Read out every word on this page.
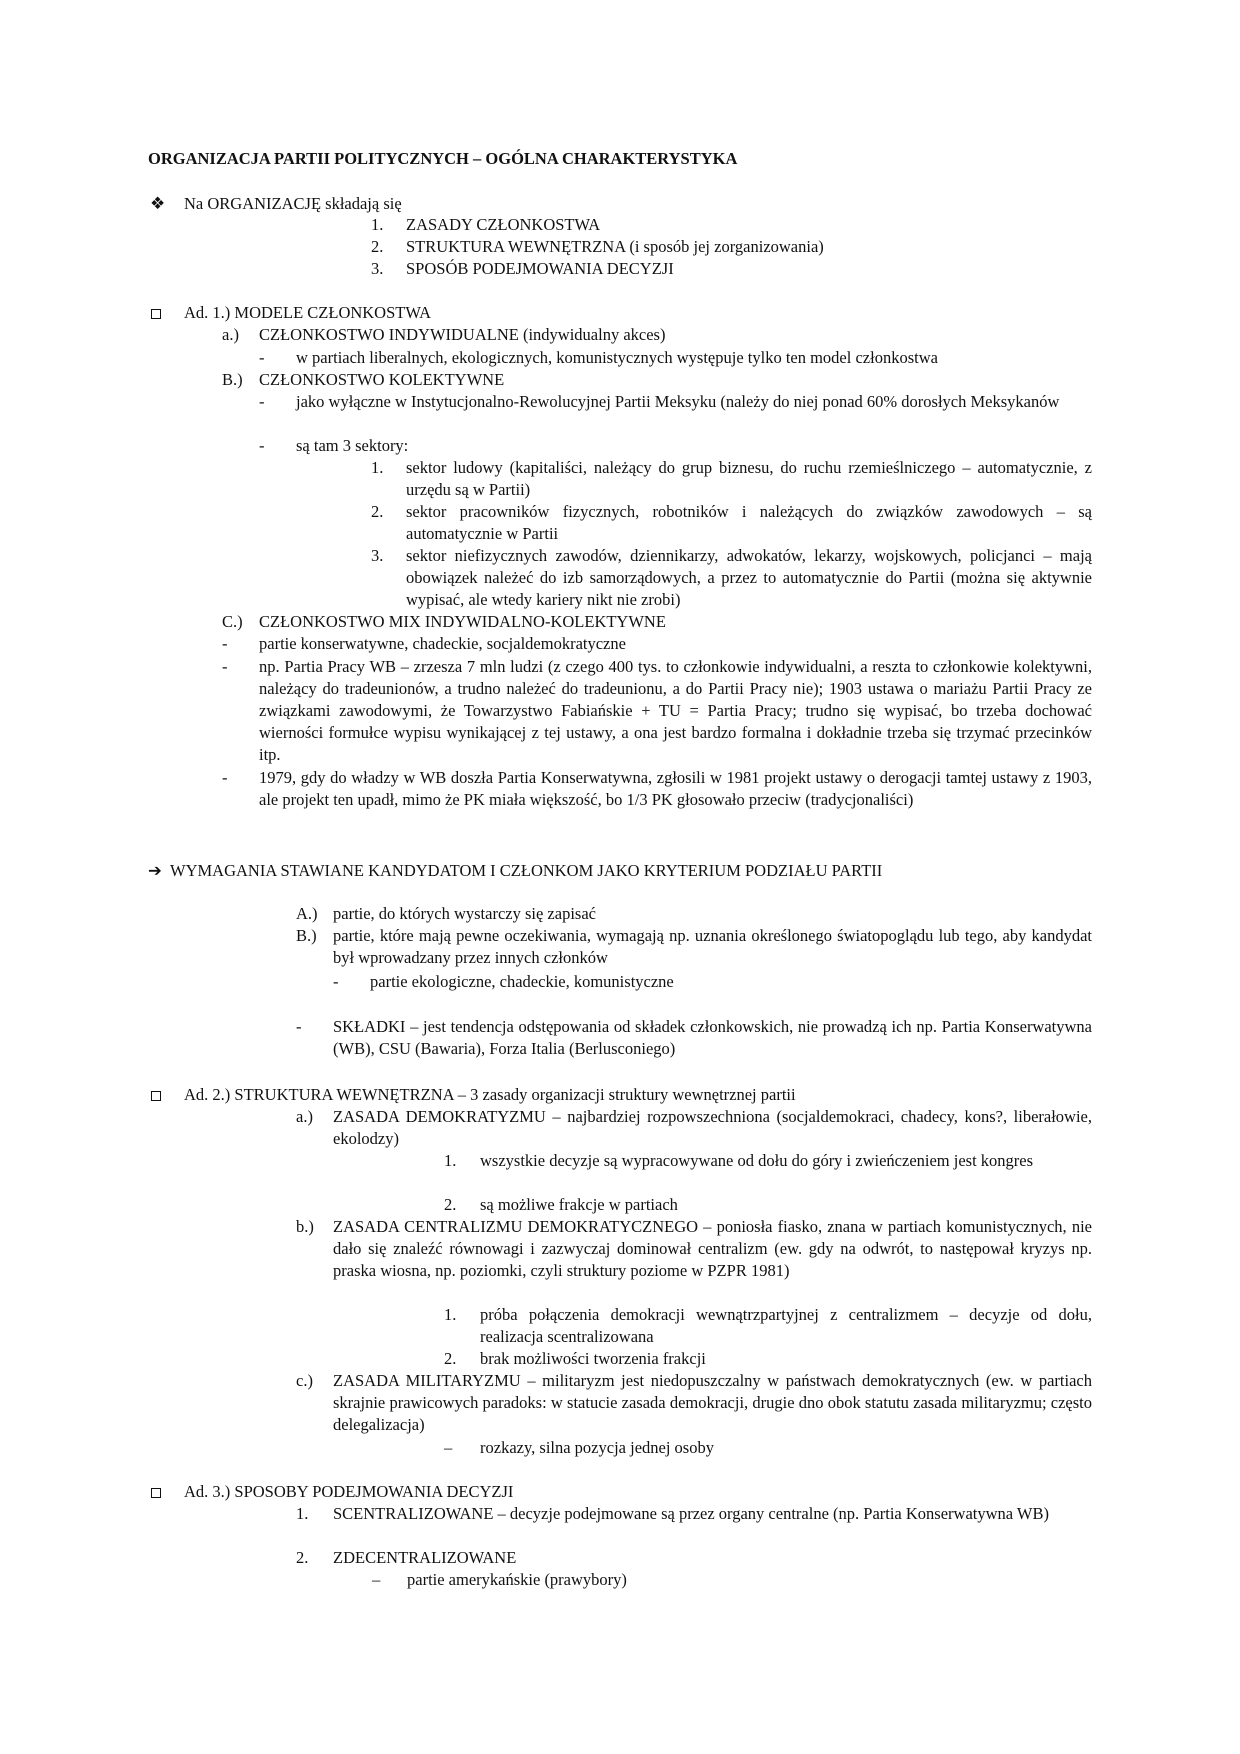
ORGANIZACJA PARTII POLITYCZNYCH – OGÓLNA CHARAKTERYSTYKA
❖ Na ORGANIZACJĘ składają się
1. ZASADY CZŁONKOSTWA
2. STRUKTURA WEWNĘTRZNA (i sposób jej zorganizowania)
3. SPOSÓB PODEJMOWANIA DECYZJI
Ad. 1.) MODELE CZŁONKOSTWA
a.) CZŁONKOSTWO INDYWIDUALNE (indywidualny akces)
- w partiach liberalnych, ekologicznych, komunistycznych występuje tylko ten model członkostwa
B.) CZŁONKOSTWO KOLEKTYWNE
- jako wyłączne w Instytucjonalno-Rewolucyjnej Partii Meksyku (należy do niej ponad 60% dorosłych Meksykanów
- są tam 3 sektory:
1. sektor ludowy (kapitaliści, należący do grup biznesu, do ruchu rzemieślniczego – automatycznie, z urzędu są w Partii)
2. sektor pracowników fizycznych, robotników i należących do związków zawodowych – są automatycznie w Partii
3. sektor niefizycznych zawodów, dziennikarzy, adwokatów, lekarzy, wojskowych, policjanci – mają obowiązek należeć do izb samorządowych, a przez to automatycznie do Partii (można się aktywnie wypisać, ale wtedy kariery nikt nie zrobi)
C.) CZŁONKOSTWO MIX INDYWIDALNO-KOLEKTYWNE
- partie konserwatywne, chadeckie, socjaldemokratyczne
- np. Partia Pracy WB – zrzesza 7 mln ludzi (z czego 400 tys. to członkowie indywidualni, a reszta to członkowie kolektywni, należący do tradeunionów, a trudno należeć do tradeunionu, a do Partii Pracy nie); 1903 ustawa o mariażu Partii Pracy ze związkami zawodowymi, że Towarzystwo Fabiańskie + TU = Partia Pracy; trudno się wypisać, bo trzeba dochować wierności formułce wypisu wynikającej z tej ustawy, a ona jest bardzo formalna i dokładnie trzeba się trzymać przecinków itp.
- 1979, gdy do władzy w WB doszła Partia Konserwatywna, zgłosili w 1981 projekt ustawy o derogacji tamtej ustawy z 1903, ale projekt ten upadł, mimo że PK miała większość, bo 1/3 PK głosowało przeciw (tradycjonaliści)
➔ WYMAGANIA STAWIANE KANDYDATOM I CZŁONKOM JAKO KRYTERIUM PODZIAŁU PARTII
A.) partie, do których wystarczy się zapisać
B.) partie, które mają pewne oczekiwania, wymagają np. uznania określonego światopoglądu lub tego, aby kandydat był wprowadzany przez innych członków
- partie ekologiczne, chadeckie, komunistyczne
- SKŁADKI – jest tendencja odstępowania od składek członkowskich, nie prowadzą ich np. Partia Konserwatywna (WB), CSU (Bawaria), Forza Italia (Berlusconiego)
Ad. 2.) STRUKTURA WEWNĘTRZNA – 3 zasady organizacji struktury wewnętrznej partii
a.) ZASADA DEMOKRATYZMU – najbardziej rozpowszechniona (socjaldemokraci, chadecy, kons?, liberałowie, ekolodzy)
1. wszystkie decyzje są wypracowywane od dołu do góry i zwieńczeniem jest kongres
2. są możliwe frakcje w partiach
b.) ZASADA CENTRALIZMU DEMOKRATYCZNEGO – poniosła fiasko, znana w partiach komunistycznych, nie dało się znaleźć równowagi i zazwyczaj dominował centralizm (ew. gdy na odwrót, to następował kryzys np. praska wiosna, np. poziomki, czyli struktury poziome w PZPR 1981)
1. próba połączenia demokracji wewnątrzpartyjnej z centralizmem – decyzje od dołu, realizacja scentralizowana
2. brak możliwości tworzenia frakcji
c.) ZASADA MILITARYZMU – militaryzm jest niedopuszczalny w państwach demokratycznych (ew. w partiach skrajnie prawicowych paradoks: w statucie zasada demokracji, drugie dno obok statutu zasada militaryzmu; często delegalizacja)
– rozkazy, silna pozycja jednej osoby
Ad. 3.) SPOSOBY PODEJMOWANIA DECYZJI
1. SCENTRALIZOWANE – decyzje podejmowane są przez organy centralne (np. Partia Konserwatywna WB)
2. ZDECENTRALIZOWANE
– partie amerykańskie (prawybory)
